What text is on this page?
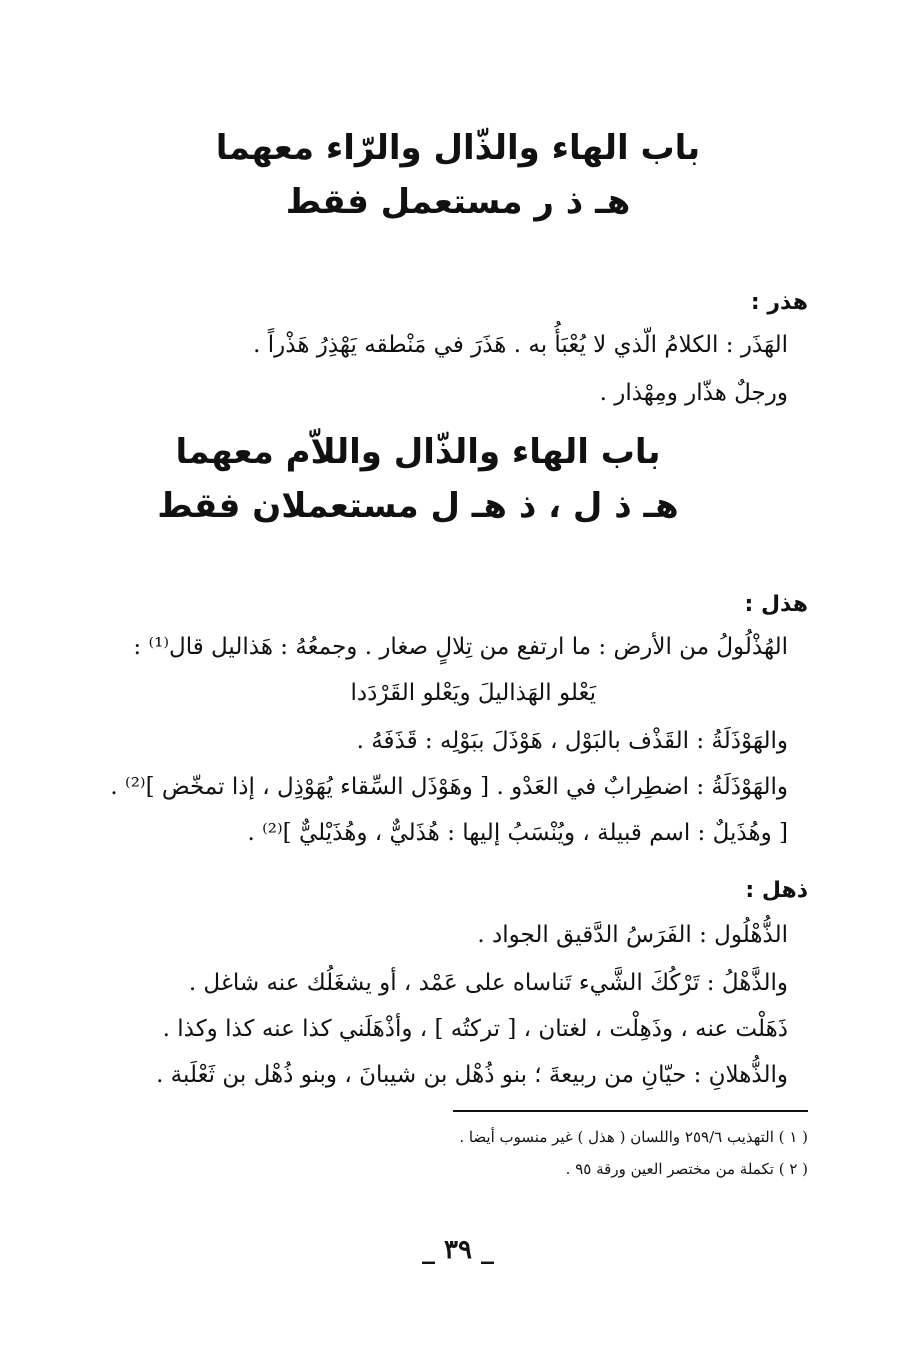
باب الهاء والذّال والرّاء معهما
هـ ذ ر مستعمل فقط
هذر :
الهَذَر : الكلامُ الّذي لا يُعْبَأُ به . هَذَرَ في مَنْطقه يَهْذِرُ هَذْراً .
ورجلٌ هذّار ومِهْذار .
باب الهاء والذّال واللاّم معهما
هـ ذ ل ، ذ هـ ل مستعملان فقط
هذل :
الهُذْلُولُ من الأرض : ما ارتفع من تِلالٍ صغار . وجمعُهُ : هَذاليل قال⁽¹⁾ :
يَعْلو الهَذاليلَ ويَعْلو القَرْدَدا
والهَوْذَلَةُ : القَذْف بالبَوْل ، هَوْذَلَ ببَوْلِه : قَذَفَهُ .
والهَوْذَلَةُ : اضطِرابٌ في العَدْو . [ وهَوْذَل السِّقاء يُهَوْذِل ، إذا تمخّض ]⁽²⁾ .
[ وهُذَيلٌ : اسم قبيلة ، ويُنْسَبُ إليها : هُذَليٌّ ، وهُذَيْليٌّ ]⁽²⁾ .
ذهل :
الذُّهْلُول : الفَرَسُ الدَّقيق الجواد .
والذَّهْلُ : تَرْكُكَ الشَّيء تَناساه على عَمْد ، أو يشغَلُك عنه شاغل .
ذَهَلْت عنه ، وذَهِلْت ، لغتان ، [ تركتُه ] ، وأذْهَلَني كذا عنه كذا وكذا .
والذُّهلانِ : حيّانِ من ربيعةَ ؛ بنو ذُهْل بن شيبانَ ، وبنو ذُهْل بن ثَعْلَبة .
( ١ ) التهذيب ٢٥٩/٦ واللسان ( هذل ) غير منسوب أيضا .
( ٢ ) تكملة من مختصر العين ورقة ٩٥ .
_ ٣٩ _
